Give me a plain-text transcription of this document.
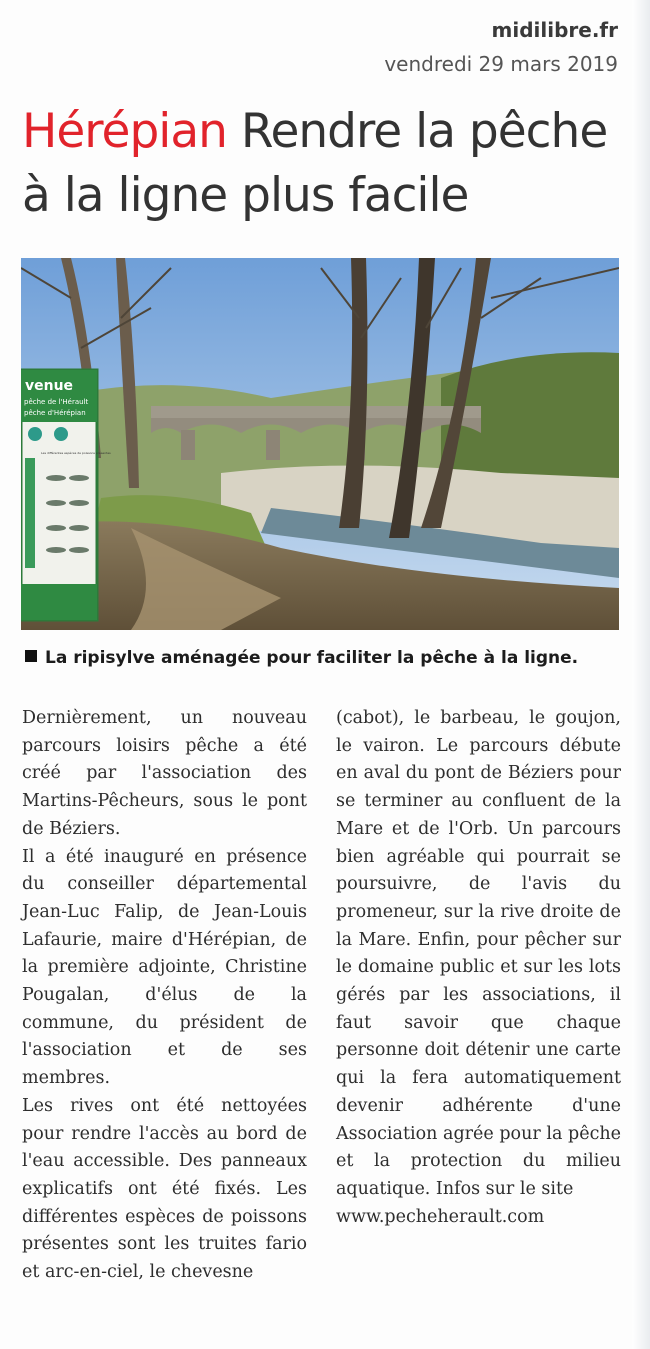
midilibre.fr
vendredi 29 mars 2019
Hérépian Rendre la pêche à la ligne plus facile
venue
pêche de l'Hérault
pêche d'Hérépian
Les différentes espèces de poissons présentes
La ripisylve aménagée pour faciliter la pêche à la ligne.

Dernièrement, un nouveau parcours loisirs pêche a été créé par l'association des Martins-Pêcheurs, sous le pont de Béziers.

Il a été inauguré en présence du conseiller départemental Jean-Luc Falip, de Jean-Louis Lafaurie, maire d'Hérépian, de la première adjointe, Christine Pougalan, d'élus de la commune, du président de l'association et de ses membres.

Les rives ont été nettoyées pour rendre l'accès au bord de l'eau accessible. Des panneaux explicatifs ont été fixés. Les différentes espèces de poissons présentes sont les truites fario et arc-en-ciel, le chevesne

(cabot), le barbeau, le goujon, le vairon. Le parcours débute en aval du pont de Béziers pour se terminer au confluent de la Mare et de l'Orb. Un parcours bien agréable qui pourrait se poursuivre, de l'avis du promeneur, sur la rive droite de la Mare. Enfin, pour pêcher sur le domaine public et sur les lots gérés par les associations, il faut savoir que chaque personne doit détenir une carte qui la fera automatiquement devenir adhérente d'une Association agrée pour la pêche et la protection du milieu aquatique. Infos sur le site

www.pecheherault.com
